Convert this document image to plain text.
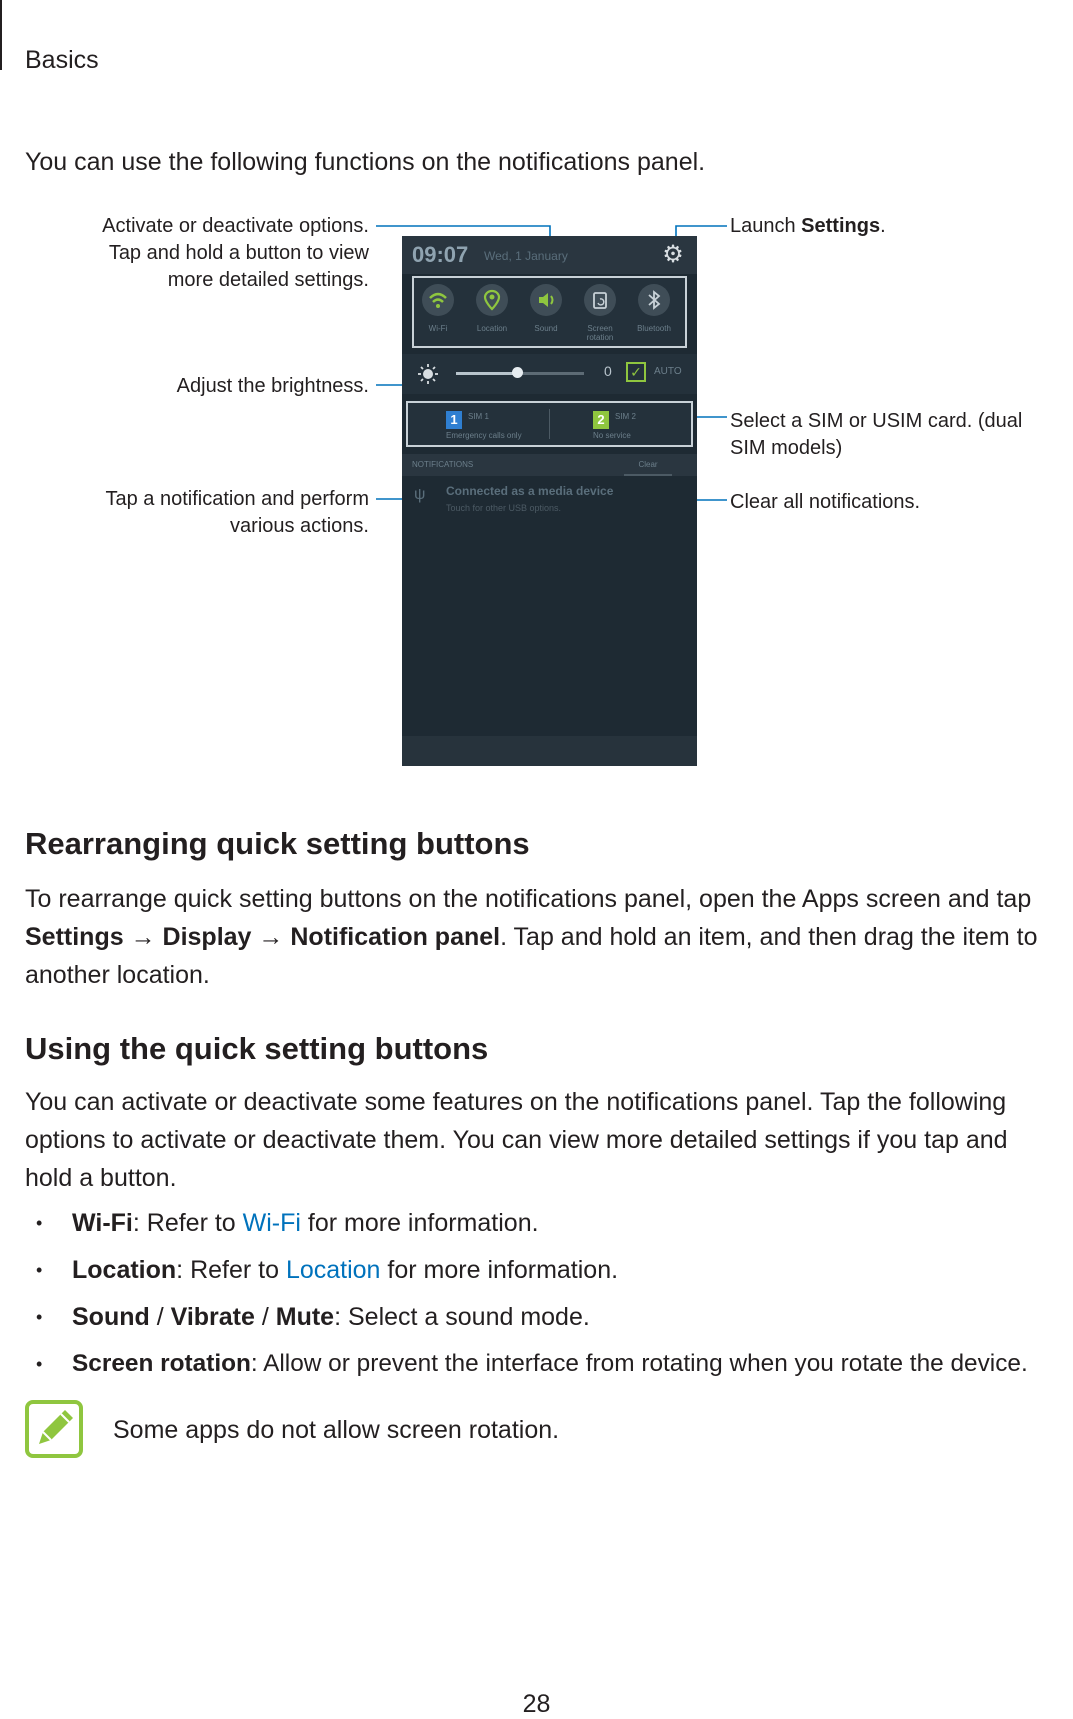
Basics
You can use the following functions on the notifications panel.
Activate or deactivate options.
Tap and hold a button to view
more detailed settings.
Launch Settings.
Adjust the brightness.
Select a SIM or USIM card. (dual
SIM models)
Tap a notification and perform
various actions.
Clear all notifications.
09:07 Wed, 1 January	⚙
Wi-Fi	Location	Sound	Screen rotation
Bluetooth
0 ✓	AUTO
1	SIM 1
Emergency calls only
2	SIM 2
No service
NOTIFICATIONS	Clear
ψ Connected as a media device
Touch for other USB options.
Rearranging quick setting buttons
To rearrange quick setting buttons on the notifications panel, open the Apps screen and tap
Settings → Display → Notification panel. Tap and hold an item, and then drag the item to
another location.
Using the quick setting buttons
You can activate or deactivate some features on the notifications panel. Tap the following
options to activate or deactivate them. You can view more detailed settings if you tap and
hold a button.
• Wi-Fi: Refer to Wi-Fi for more information.
• Location: Refer to Location for more information.
• Sound / Vibrate / Mute: Select a sound mode.
• Screen rotation: Allow or prevent the interface from rotating when you rotate the device.
Some apps do not allow screen rotation.
28
